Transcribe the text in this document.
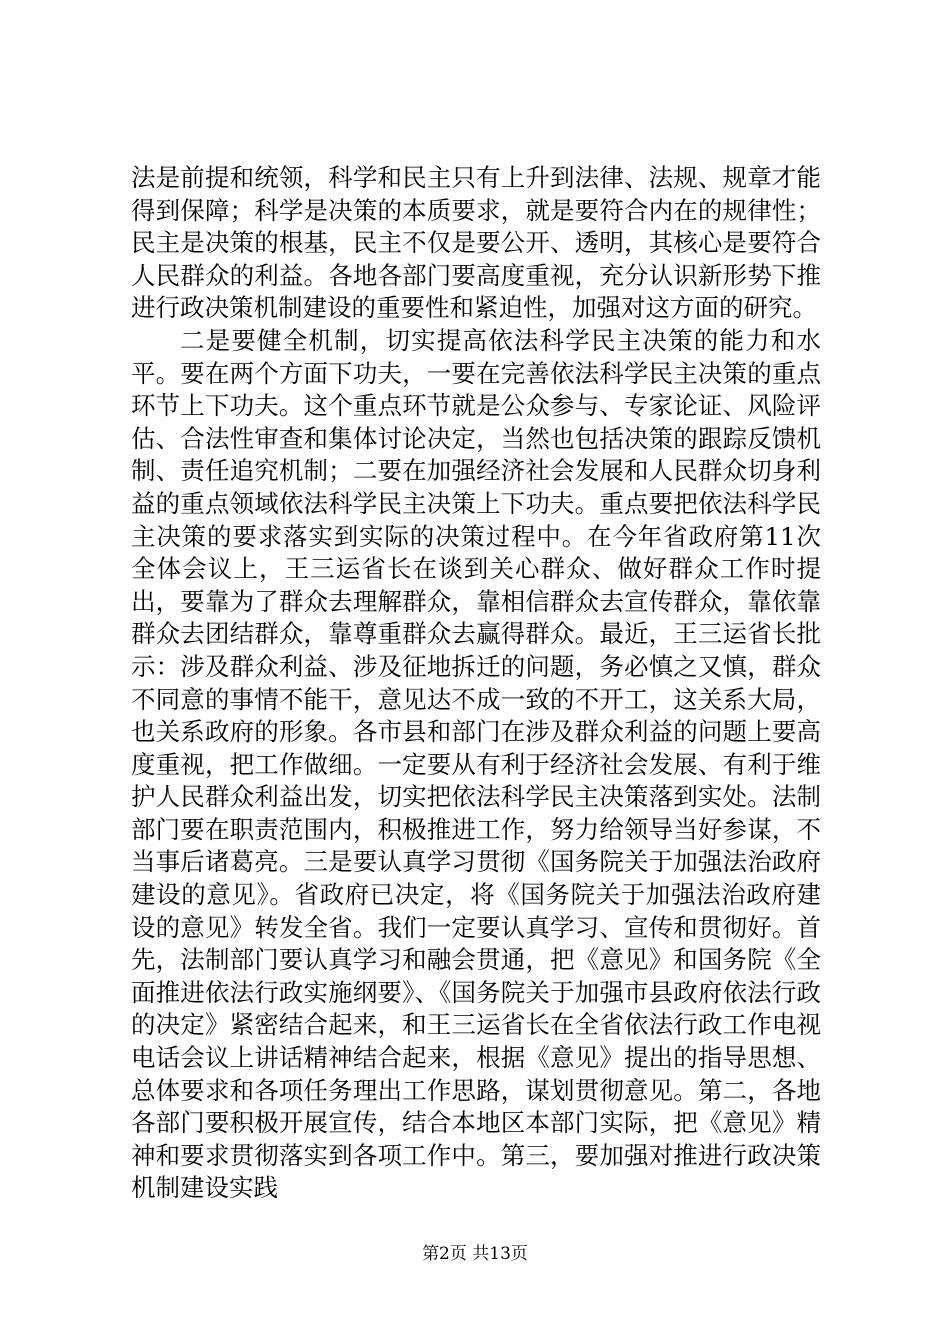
法是前提和统领，科学和民主只有上升到法律、法规、规章才能得到保障；科学是决策的本质要求，就是要符合内在的规律性；民主是决策的根基，民主不仅是要公开、透明，其核心是要符合人民群众的利益。各地各部门要高度重视，充分认识新形势下推进行政决策机制建设的重要性和紧迫性，加强对这方面的研究。

二是要健全机制，切实提高依法科学民主决策的能力和水平。要在两个方面下功夫，一要在完善依法科学民主决策的重点环节上下功夫。这个重点环节就是公众参与、专家论证、风险评估、合法性审查和集体讨论决定，当然也包括决策的跟踪反馈机制、责任追究机制；二要在加强经济社会发展和人民群众切身利益的重点领域依法科学民主决策上下功夫。重点要把依法科学民主决策的要求落实到实际的决策过程中。在今年省政府第11次全体会议上，王三运省长在谈到关心群众、做好群众工作时提出，要靠为了群众去理解群众，靠相信群众去宣传群众，靠依靠群众去团结群众，靠尊重群众去赢得群众。最近，王三运省长批示：涉及群众利益、涉及征地拆迁的问题，务必慎之又慎，群众不同意的事情不能干，意见达不成一致的不开工，这关系大局，也关系政府的形象。各市县和部门在涉及群众利益的问题上要高度重视，把工作做细。一定要从有利于经济社会发展、有利于维护人民群众利益出发，切实把依法科学民主决策落到实处。法制部门要在职责范围内，积极推进工作，努力给领导当好参谋，不当事后诸葛亮。三是要认真学习贯彻《国务院关于加强法治政府建设的意见》。省政府已决定，将《国务院关于加强法治政府建设的意见》转发全省。我们一定要认真学习、宣传和贯彻好。首先，法制部门要认真学习和融会贯通，把《意见》和国务院《全面推进依法行政实施纲要》、《国务院关于加强市县政府依法行政的决定》紧密结合起来，和王三运省长在全省依法行政工作电视电话会议上讲话精神结合起来，根据《意见》提出的指导思想、总体要求和各项任务理出工作思路，谋划贯彻意见。第二，各地各部门要积极开展宣传，结合本地区本部门实际，把《意见》精神和要求贯彻落实到各项工作中。第三，要加强对推进行政决策机制建设实践

第2页 共13页
